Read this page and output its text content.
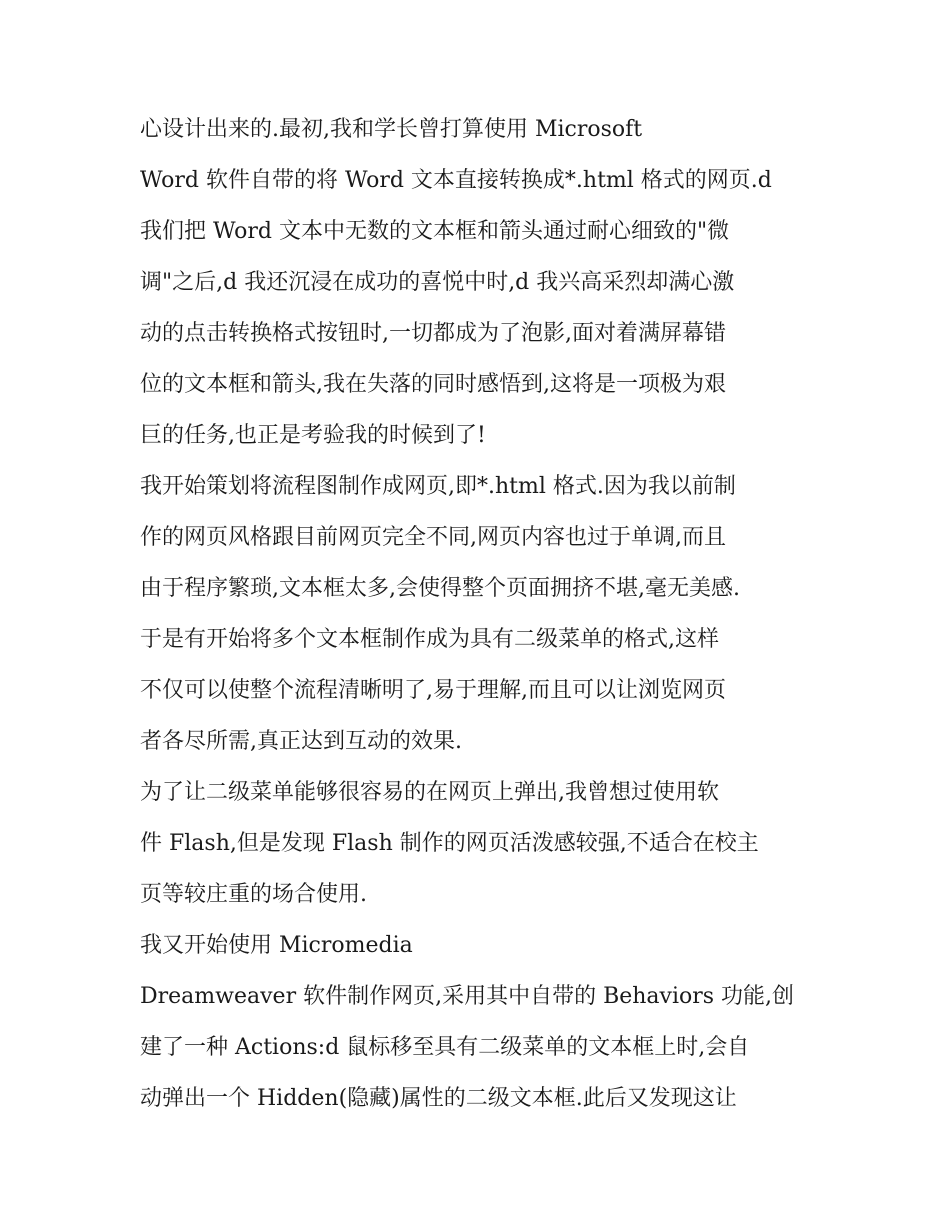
心设计出来的.最初,我和学长曾打算使用 Microsoft
Word 软件自带的将 Word 文本直接转换成*.html 格式的网页.d
我们把 Word 文本中无数的文本框和箭头通过耐心细致的"微
调"之后,d 我还沉浸在成功的喜悦中时,d 我兴高采烈却满心激
动的点击转换格式按钮时,一切都成为了泡影,面对着满屏幕错
位的文本框和箭头,我在失落的同时感悟到,这将是一项极为艰
巨的任务,也正是考验我的时候到了!
我开始策划将流程图制作成网页,即*.html 格式.因为我以前制
作的网页风格跟目前网页完全不同,网页内容也过于单调,而且
由于程序繁琐,文本框太多,会使得整个页面拥挤不堪,毫无美感.
于是有开始将多个文本框制作成为具有二级菜单的格式,这样
不仅可以使整个流程清晰明了,易于理解,而且可以让浏览网页
者各尽所需,真正达到互动的效果.
为了让二级菜单能够很容易的在网页上弹出,我曾想过使用软
件 Flash,但是发现 Flash 制作的网页活泼感较强,不适合在校主
页等较庄重的场合使用.
我又开始使用 Micromedia
Dreamweaver 软件制作网页,采用其中自带的 Behaviors 功能,创
建了一种 Actions:d 鼠标移至具有二级菜单的文本框上时,会自
动弹出一个 Hidden(隐藏)属性的二级文本框.此后又发现这让
